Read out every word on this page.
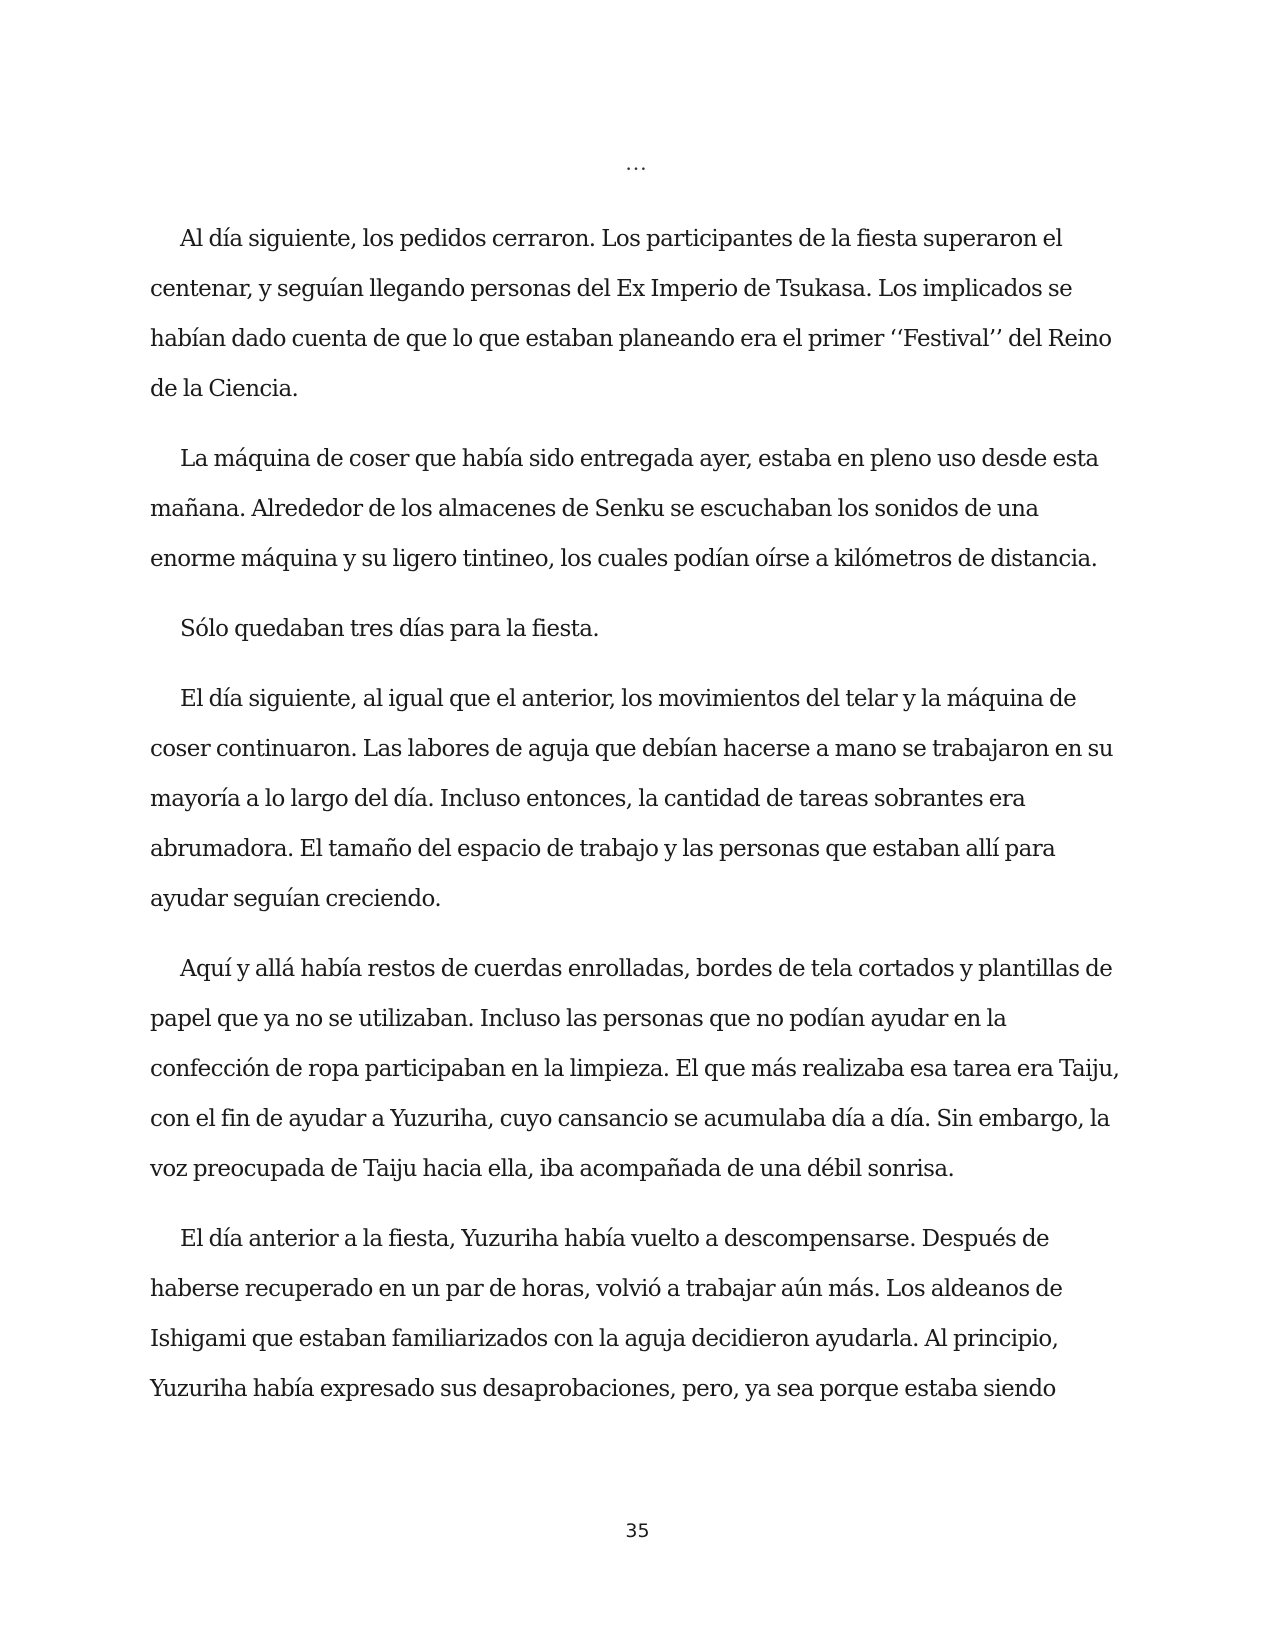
…

Al día siguiente, los pedidos cerraron. Los participantes de la fiesta superaron el centenar, y seguían llegando personas del Ex Imperio de Tsukasa. Los implicados se habían dado cuenta de que lo que estaban planeando era el primer ‘‘Festival’’ del Reino de la Ciencia.

La máquina de coser que había sido entregada ayer, estaba en pleno uso desde esta mañana. Alrededor de los almacenes de Senku se escuchaban los sonidos de una enorme máquina y su ligero tintineo, los cuales podían oírse a kilómetros de distancia.

Sólo quedaban tres días para la fiesta.

El día siguiente, al igual que el anterior, los movimientos del telar y la máquina de coser continuaron. Las labores de aguja que debían hacerse a mano se trabajaron en su mayoría a lo largo del día. Incluso entonces, la cantidad de tareas sobrantes era abrumadora. El tamaño del espacio de trabajo y las personas que estaban allí para ayudar seguían creciendo.

Aquí y allá había restos de cuerdas enrolladas, bordes de tela cortados y plantillas de papel que ya no se utilizaban. Incluso las personas que no podían ayudar en la confección de ropa participaban en la limpieza. El que más realizaba esa tarea era Taiju, con el fin de ayudar a Yuzuriha, cuyo cansancio se acumulaba día a día. Sin embargo, la voz preocupada de Taiju hacia ella, iba acompañada de una débil sonrisa.

El día anterior a la fiesta, Yuzuriha había vuelto a descompensarse. Después de haberse recuperado en un par de horas, volvió a trabajar aún más. Los aldeanos de Ishigami que estaban familiarizados con la aguja decidieron ayudarla. Al principio, Yuzuriha había expresado sus desaprobaciones, pero, ya sea porque estaba siendo

35
